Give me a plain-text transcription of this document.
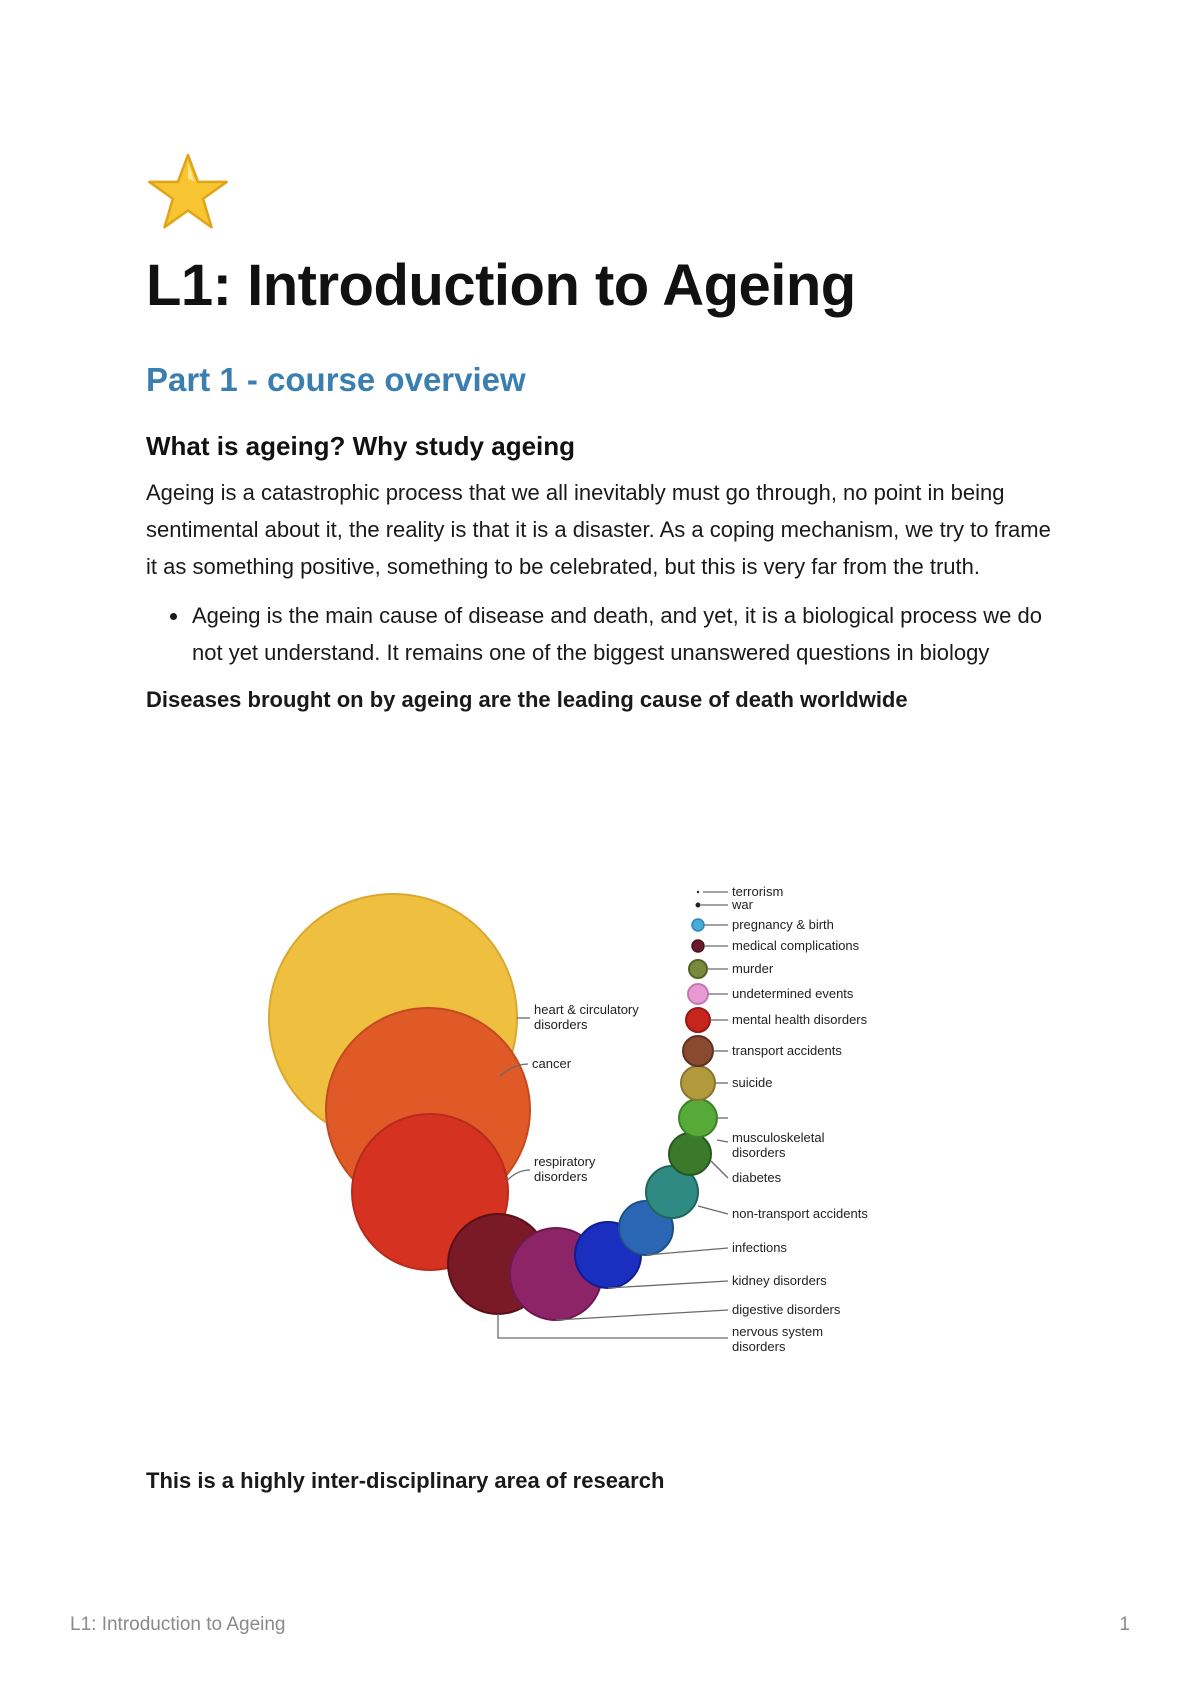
L1: Introduction to Ageing
Part 1 - course overview
What is ageing? Why study ageing

Ageing is a catastrophic process that we all inevitably must go through, no point in being sentimental about it, the reality is that it is a disaster. As a coping mechanism, we try to frame it as something positive, something to be celebrated, but this is very far from the truth.

• Ageing is the main cause of disease and death, and yet, it is a biological process we do not yet understand. It remains one of the biggest unanswered questions in biology

Diseases brought on by ageing are the leading cause of death worldwide

heart & circulatory disorders
cancer
respiratory disorders
nervous system disorders
digestive disorders
kidney disorders
infections
non-transport accidents
diabetes
musculoskeletal disorders
suicide
transport accidents
mental health disorders
undetermined events
murder
medical complications
pregnancy & birth
war
terrorism
This is a highly inter-disciplinary area of research
L1: Introduction to Ageing	1
